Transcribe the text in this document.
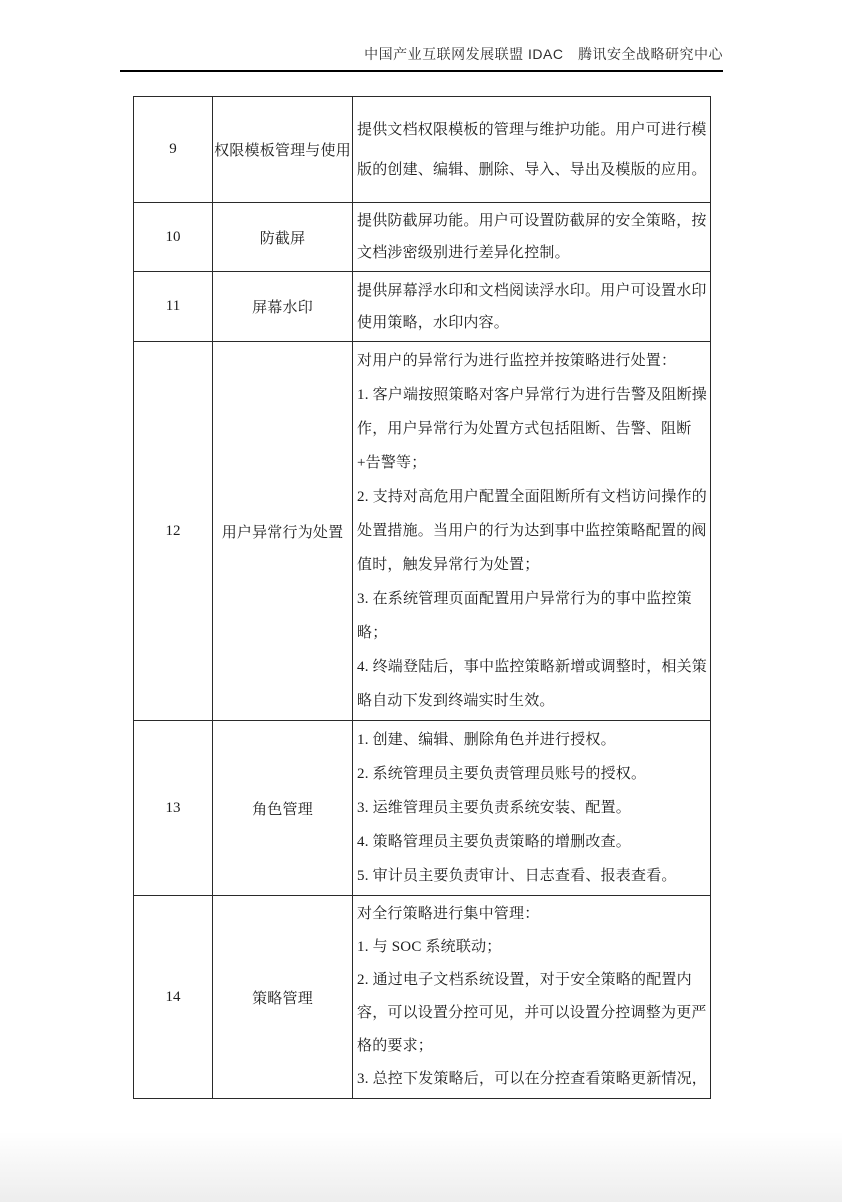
中国产业互联网发展联盟 IDAC　腾讯安全战略研究中心
9	权限模板管理与使用	提供文档权限模板的管理与维护功能。用户可进行模版的创建、编辑、删除、导入、导出及模版的应用。

10	防截屏	提供防截屏功能。用户可设置防截屏的安全策略，按文档涉密级别进行差异化控制。

11	屏幕水印	提供屏幕浮水印和文档阅读浮水印。用户可设置水印使用策略，水印内容。

12	用户异常行为处置	对用户的异常行为进行监控并按策略进行处置：
1. 客户端按照策略对客户异常行为进行告警及阻断操作，用户异常行为处置方式包括阻断、告警、阻断+告警等；
2. 支持对高危用户配置全面阻断所有文档访问操作的处置措施。当用户的行为达到事中监控策略配置的阀值时，触发异常行为处置；
3. 在系统管理页面配置用户异常行为的事中监控策略；
4. 终端登陆后，事中监控策略新增或调整时，相关策略自动下发到终端实时生效。

13	角色管理	1. 创建、编辑、删除角色并进行授权。
2. 系统管理员主要负责管理员账号的授权。
3. 运维管理员主要负责系统安装、配置。
4. 策略管理员主要负责策略的增删改查。
5. 审计员主要负责审计、日志查看、报表查看。

14	策略管理	对全行策略进行集中管理：
1. 与 SOC 系统联动；
2. 通过电子文档系统设置，对于安全策略的配置内容，可以设置分控可见，并可以设置分控调整为更严格的要求；
3. 总控下发策略后，可以在分控查看策略更新情况，
